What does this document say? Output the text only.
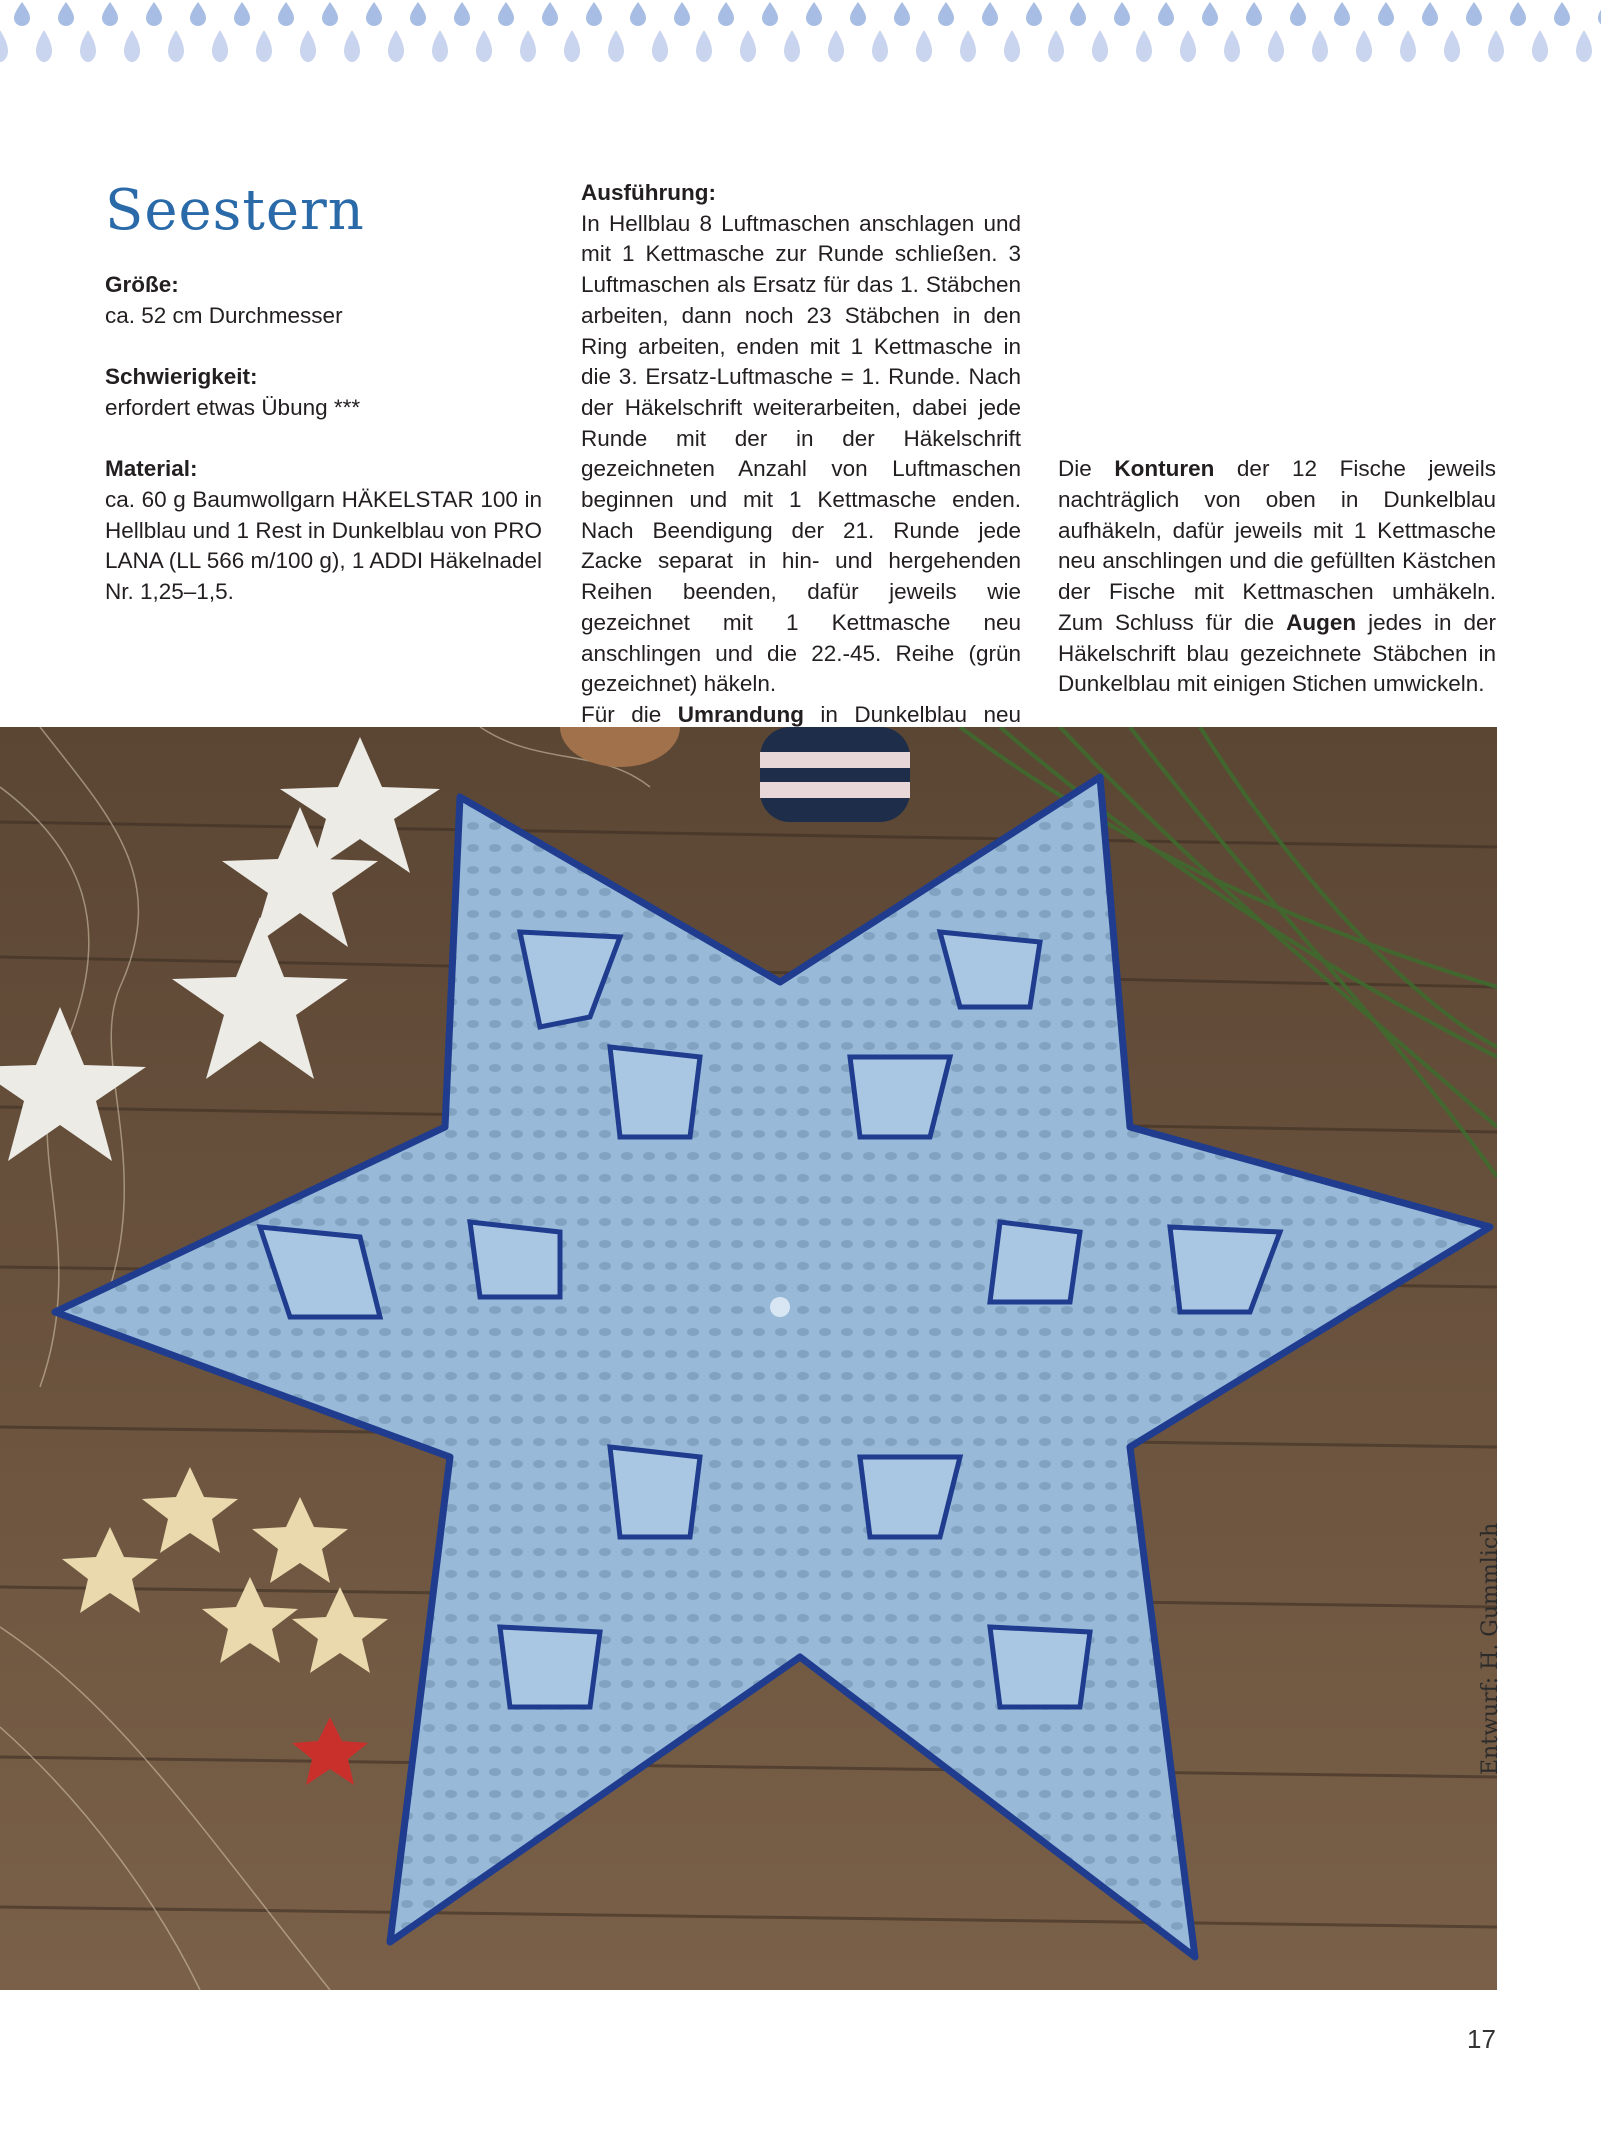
Seestern

Größe:

ca. 52 cm Durchmesser

Schwierigkeit:

erfordert etwas Übung ***

Material:

ca. 60 g Baumwollgarn HÄKELSTAR 100 in Hellblau und 1 Rest in Dunkelblau von PRO LANA (LL 566 m/100 g), 1 ADDI Häkelnadel Nr. 1,25–1,5.

Ausführung:

In Hellblau 8 Luftmaschen anschlagen und mit 1 Kettmasche zur Runde schließen. 3 Luftmaschen als Ersatz für das 1. Stäbchen arbeiten, dann noch 23 Stäbchen in den Ring arbeiten, enden mit 1 Kettmasche in die 3. Ersatz-Luftmasche = 1. Runde. Nach der Häkelschrift weiterarbeiten, dabei jede Runde mit der in der Häkelschrift gezeichneten Anzahl von Luftmaschen beginnen und mit 1 Kettmasche enden. Nach Beendigung der 21. Runde jede Zacke separat in hin- und hergehenden Reihen beenden, dafür jeweils wie gezeichnet mit 1 Kettmasche neu anschlingen und die 22.-45. Reihe (grün gezeichnet) häkeln.

Für die Umrandung in Dunkelblau neu

Die Konturen der 12 Fische jeweils nachträglich von oben in Dunkelblau aufhäkeln, dafür jeweils mit 1 Kettmasche neu anschlingen und die gefüllten Kästchen der Fische mit Kettmaschen umhäkeln. Zum Schluss für die Augen jedes in der Häkelschrift blau gezeichnete Stäbchen in Dunkelblau mit einigen Stichen umwickeln.

Entwurf: H. Gummlich
17
